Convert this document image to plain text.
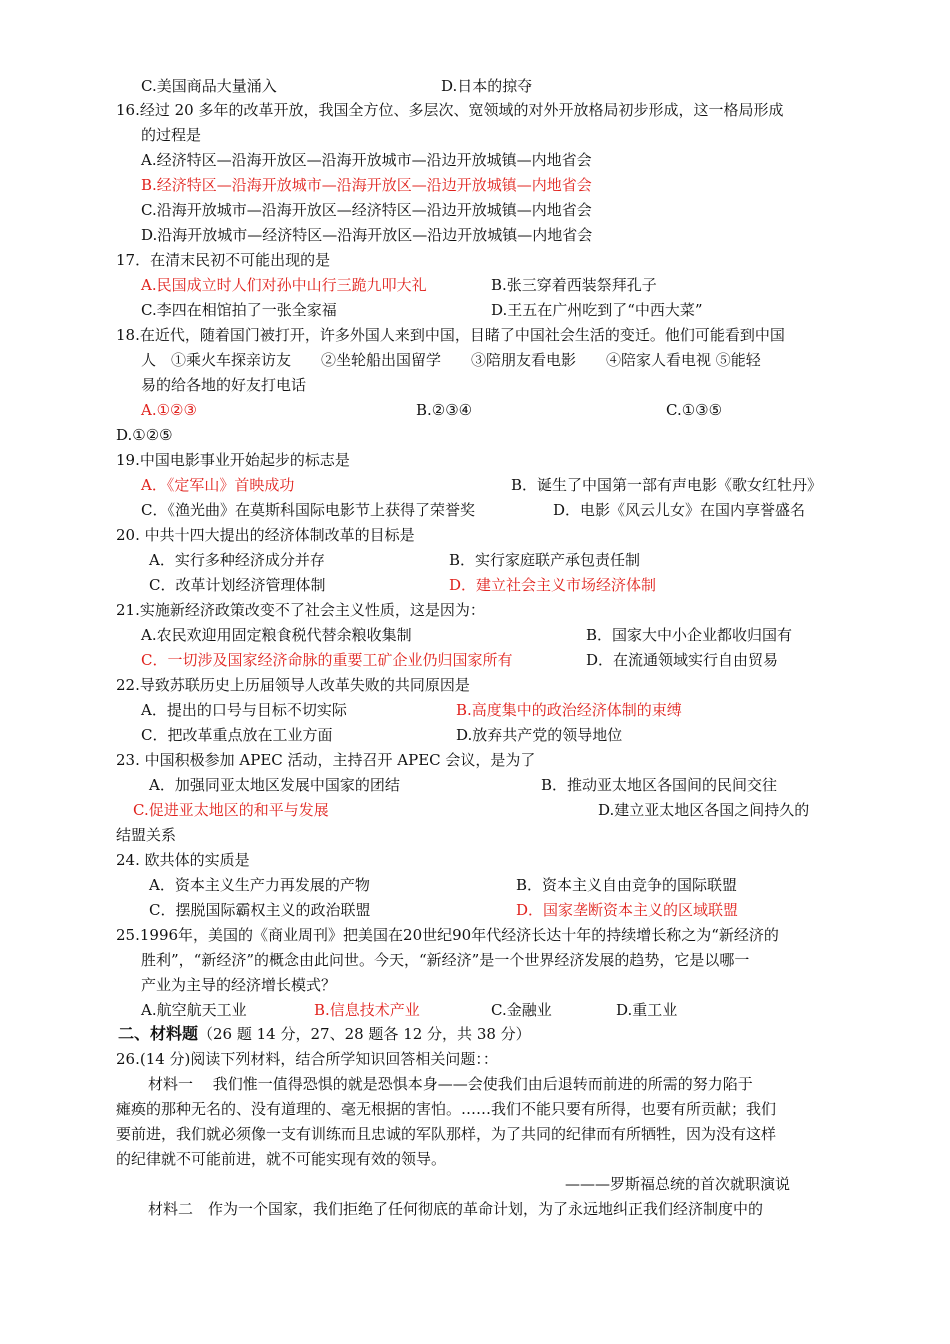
C.美国商品大量涌入	D.日本的掠夺
16.经过 20 多年的改革开放，我国全方位、多层次、宽领域的对外开放格局初步形成，这一格局形成
的过程是
A.经济特区—沿海开放区—沿海开放城市—沿边开放城镇—内地省会
B.经济特区—沿海开放城市—沿海开放区—沿边开放城镇—内地省会
C.沿海开放城市—沿海开放区—经济特区—沿边开放城镇—内地省会
D.沿海开放城市—经济特区—沿海开放区—沿边开放城镇—内地省会
17．在清末民初不可能出现的是
A.民国成立时人们对孙中山行三跪九叩大礼	B.张三穿着西装祭拜孔子
C.李四在相馆拍了一张全家福	D.王五在广州吃到了“中西大菜”
18.在近代，随着国门被打开，许多外国人来到中国，目睹了中国社会生活的变迁。他们可能看到中国
人　①乘火车探亲访友　　②坐轮船出国留学　　③陪朋友看电影　　④陪家人看电视 ⑤能轻
易的给各地的好友打电话
A.①②③	B.②③④	C.①③⑤
D.①②⑤
19.中国电影事业开始起步的标志是
A．《定军山》首映成功	B．诞生了中国第一部有声电影《歌女红牡丹》
C．《渔光曲》在莫斯科国际电影节上获得了荣誉奖	D．电影《风云儿女》在国内享誉盛名
20. 中共十四大提出的经济体制改革的目标是
A．实行多种经济成分并存	B．实行家庭联产承包责任制
C．改革计划经济管理体制	D．建立社会主义市场经济体制
21.实施新经济政策改变不了社会主义性质，这是因为：
A.农民欢迎用固定粮食税代替余粮收集制	B．国家大中小企业都收归国有
C．一切涉及国家经济命脉的重要工矿企业仍归国家所有	D．在流通领域实行自由贸易
22.导致苏联历史上历届领导人改革失败的共同原因是
A．提出的口号与目标不切实际	B.高度集中的政治经济体制的束缚
C．把改革重点放在工业方面	D.放弃共产党的领导地位
23. 中国积极参加 APEC 活动，主持召开 APEC 会议，是为了
A．加强同亚太地区发展中国家的团结	B．推动亚太地区各国间的民间交往
C.促进亚太地区的和平与发展	D.建立亚太地区各国之间持久的
结盟关系
24. 欧共体的实质是
A．资本主义生产力再发展的产物	B．资本主义自由竞争的国际联盟
C．摆脱国际霸权主义的政治联盟	D．国家垄断资本主义的区域联盟
25.1996年，美国的《商业周刊》把美国在20世纪90年代经济长达十年的持续增长称之为“新经济的
胜利”，“新经济”的概念由此问世。今天，“新经济”是一个世界经济发展的趋势，它是以哪一
产业为主导的经济增长模式？
A.航空航天工业	B.信息技术产业	C.金融业	D.重工业
二、材料题（26 题 14 分，27、28 题各 12 分，共 38 分）
26.(14 分)阅读下列材料，结合所学知识回答相关问题：：
材料一　 我们惟一值得恐惧的就是恐惧本身——会使我们由后退转而前进的所需的努力陷于
瘫痪的那种无名的、没有道理的、毫无根据的害怕。……我们不能只要有所得，也要有所贡献；我们
要前进，我们就必须像一支有训练而且忠诚的军队那样，为了共同的纪律而有所牺牲，因为没有这样
的纪律就不可能前进，就不可能实现有效的领导。
———罗斯福总统的首次就职演说
材料二　作为一个国家，我们拒绝了任何彻底的革命计划，为了永远地纠正我们经济制度中的
